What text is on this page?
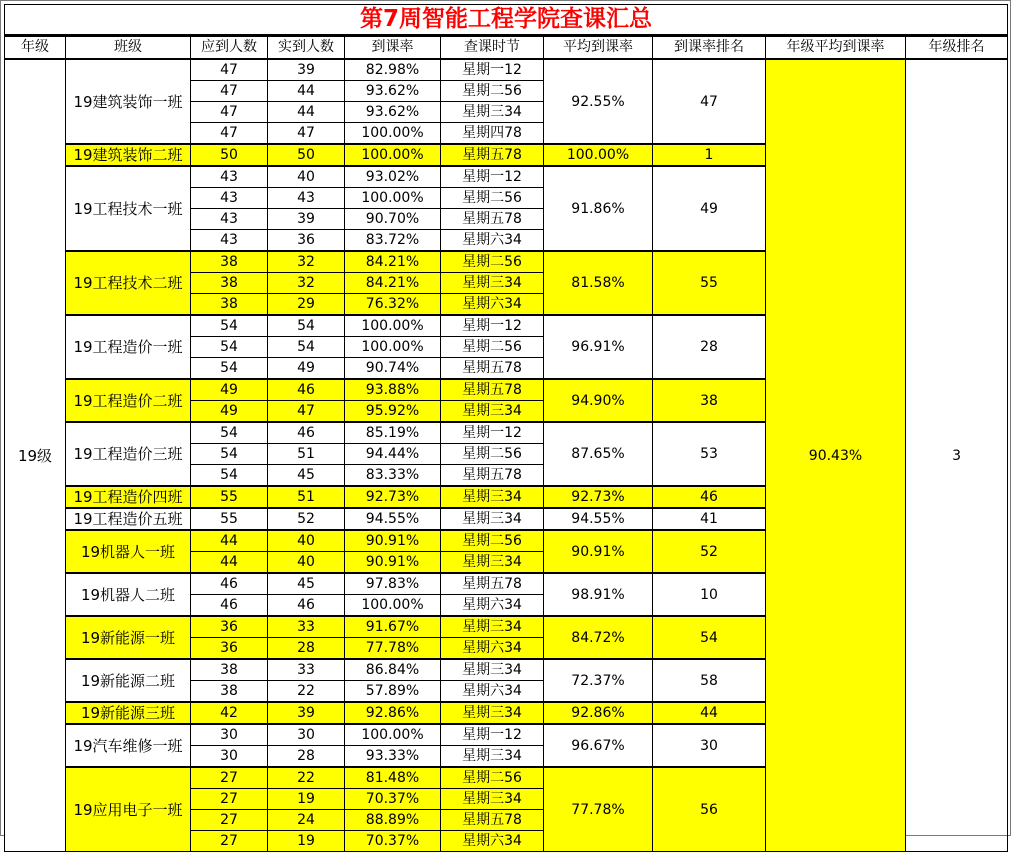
第7周智能工程学院查课汇总									
年级	班级	应到人数	实到人数	到课率	查课时节	平均到课率	到课率排名	年级平均到课率	年级排名
19级	19建筑装饰一班	47	39	82.98%	星期一12	92.55%	47	90.43%	3
		47	44	93.62%	星期二56				
		47	44	93.62%	星期三34				
		47	47	100.00%	星期四78				
	19建筑装饰二班	50	50	100.00%	星期五78	100.00%	1		
	19工程技术一班	43	40	93.02%	星期一12	91.86%	49		
		43	43	100.00%	星期二56				
		43	39	90.70%	星期五78				
		43	36	83.72%	星期六34				
	19工程技术二班	38	32	84.21%	星期二56	81.58%	55		
		38	32	84.21%	星期三34				
		38	29	76.32%	星期六34				
	19工程造价一班	54	54	100.00%	星期一12	96.91%	28		
		54	54	100.00%	星期二56				
		54	49	90.74%	星期五78				
	19工程造价二班	49	46	93.88%	星期五78	94.90%	38		
		49	47	95.92%	星期三34				
	19工程造价三班	54	46	85.19%	星期一12	87.65%	53		
		54	51	94.44%	星期二56				
		54	45	83.33%	星期五78				
	19工程造价四班	55	51	92.73%	星期三34	92.73%	46		
	19工程造价五班	55	52	94.55%	星期三34	94.55%	41		
	19机器人一班	44	40	90.91%	星期二56	90.91%	52		
		44	40	90.91%	星期三34				
	19机器人二班	46	45	97.83%	星期五78	98.91%	10		
		46	46	100.00%	星期六34				
	19新能源一班	36	33	91.67%	星期三34	84.72%	54		
		36	28	77.78%	星期六34				
	19新能源二班	38	33	86.84%	星期三34	72.37%	58		
		38	22	57.89%	星期六34				
	19新能源三班	42	39	92.86%	星期三34	92.86%	44		
	19汽车维修一班	30	30	100.00%	星期一12	96.67%	30		
		30	28	93.33%	星期三34				
	19应用电子一班	27	22	81.48%	星期二56	77.78%	56		
		27	19	70.37%	星期三34				
		27	24	88.89%	星期五78				
		27	19	70.37%	星期六34				
